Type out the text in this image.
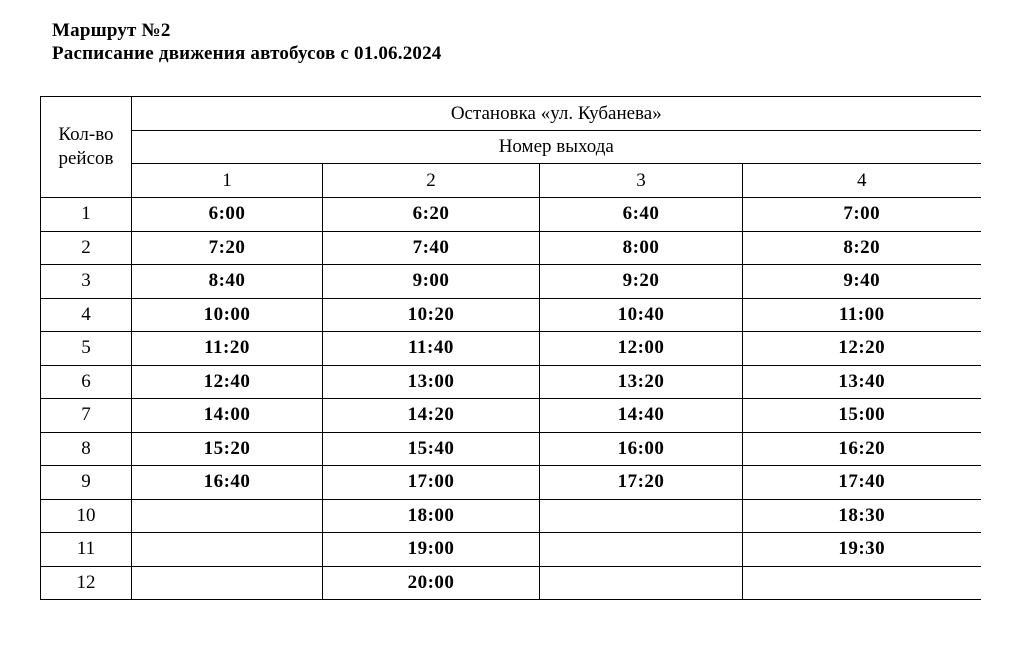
Маршрут №2
Расписание движения автобусов с 01.06.2024
Кол-во
рейсов	Остановка «ул. Кубанева»			
	Номер выхода			
	1	2	3	4
1	6:00	6:20	6:40	7:00
2	7:20	7:40	8:00	8:20
3	8:40	9:00	9:20	9:40
4	10:00	10:20	10:40	11:00
5	11:20	11:40	12:00	12:20
6	12:40	13:00	13:20	13:40
7	14:00	14:20	14:40	15:00
8	15:20	15:40	16:00	16:20
9	16:40	17:00	17:20	17:40
10		18:00		18:30
11		19:00		19:30
12		20:00		
